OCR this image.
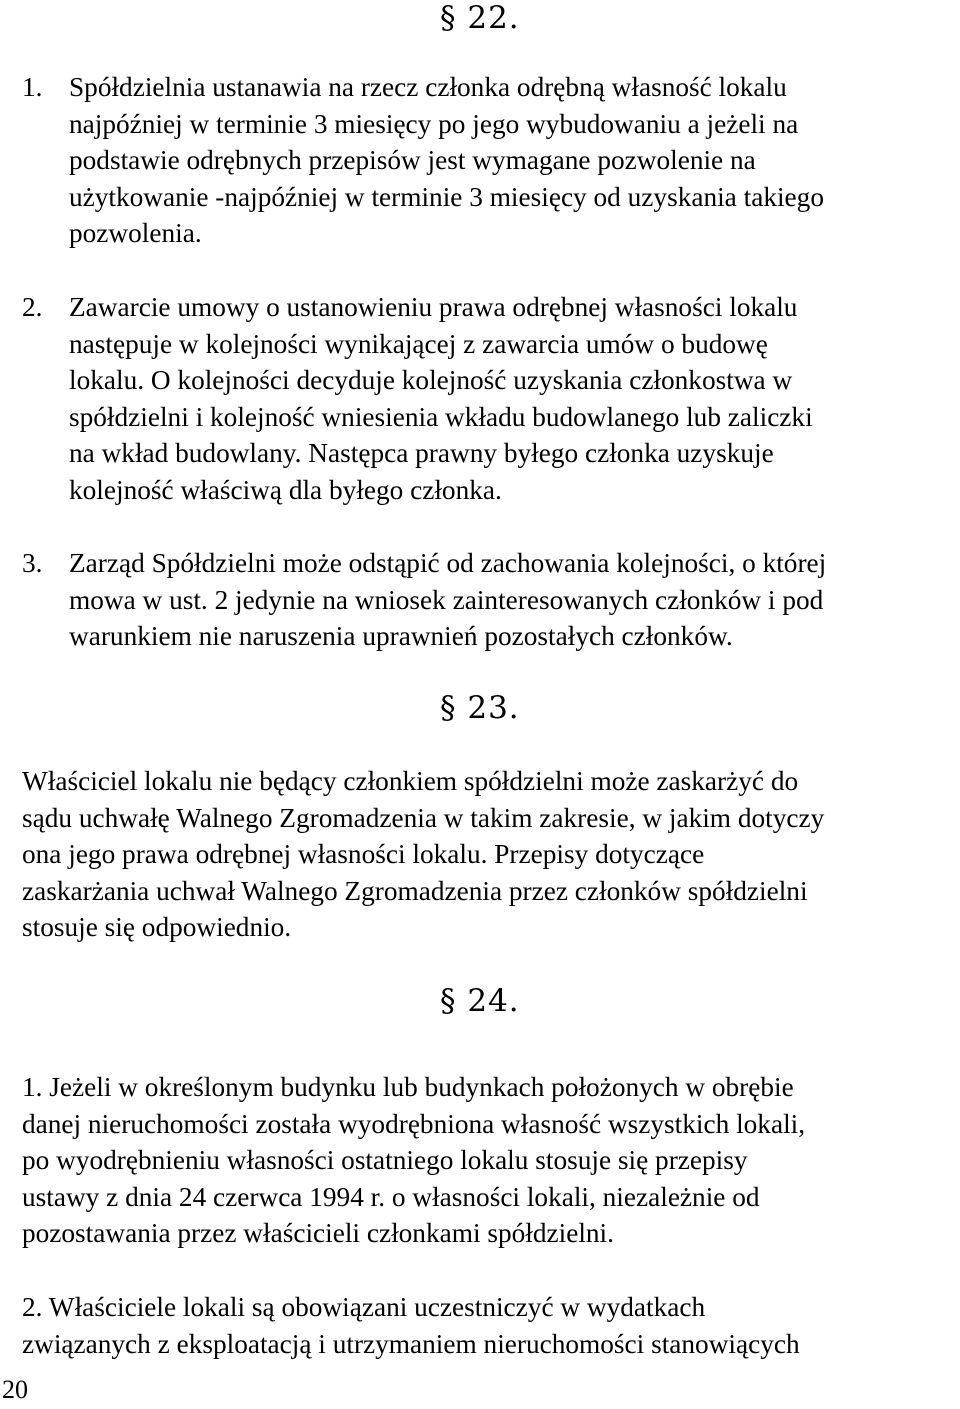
§ 22.
1. Spółdzielnia ustanawia na rzecz członka odrębną własność lokalu
najpóźniej w terminie 3 miesięcy po jego wybudowaniu a jeżeli na
podstawie odrębnych przepisów jest wymagane pozwolenie na
użytkowanie -najpóźniej w terminie 3 miesięcy od uzyskania takiego
pozwolenia.
2. Zawarcie umowy o ustanowieniu prawa odrębnej własności lokalu
następuje w kolejności wynikającej z zawarcia umów o budowę
lokalu. O kolejności decyduje kolejność uzyskania członkostwa w
spółdzielni i kolejność wniesienia wkładu budowlanego lub zaliczki
na wkład budowlany. Następca prawny byłego członka uzyskuje
kolejność właściwą dla byłego członka.
3. Zarząd Spółdzielni może odstąpić od zachowania kolejności, o której
mowa w ust. 2 jedynie na wniosek zainteresowanych członków i pod
warunkiem nie naruszenia uprawnień pozostałych członków.
§ 23.
Właściciel lokalu nie będący członkiem spółdzielni może zaskarżyć do
sądu uchwałę Walnego Zgromadzenia w takim zakresie, w jakim dotyczy
ona jego prawa odrębnej własności lokalu. Przepisy dotyczące
zaskarżania uchwał Walnego Zgromadzenia przez członków spółdzielni
stosuje się odpowiednio.
§ 24.
1. Jeżeli w określonym budynku lub budynkach położonych w obrębie
danej nieruchomości została wyodrębniona własność wszystkich lokali,
po wyodrębnieniu własności ostatniego lokalu stosuje się przepisy
ustawy z dnia 24 czerwca 1994 r. o własności lokali, niezależnie od
pozostawania przez właścicieli członkami spółdzielni.
2. Właściciele lokali są obowiązani uczestniczyć w wydatkach
związanych z eksploatacją i utrzymaniem nieruchomości stanowiących
20
